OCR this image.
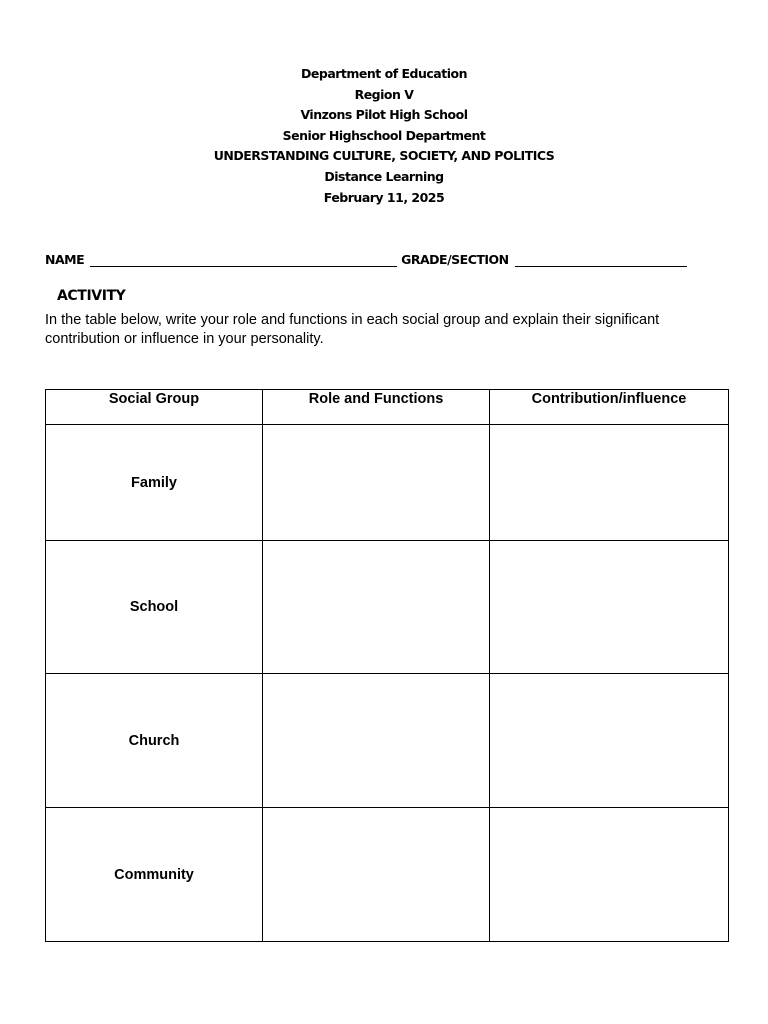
Department of Education
Region V
Vinzons Pilot High School
Senior Highschool Department
UNDERSTANDING CULTURE, SOCIETY, AND POLITICS
Distance Learning
February 11, 2025
NAME	GRADE/SECTION
ACTIVITY
In the table below, write your role and functions in each social group and explain their significant contribution or influence in your personality.
Social Group	Role and Functions	Contribution/influence
Family		
School		
Church		
Community		
